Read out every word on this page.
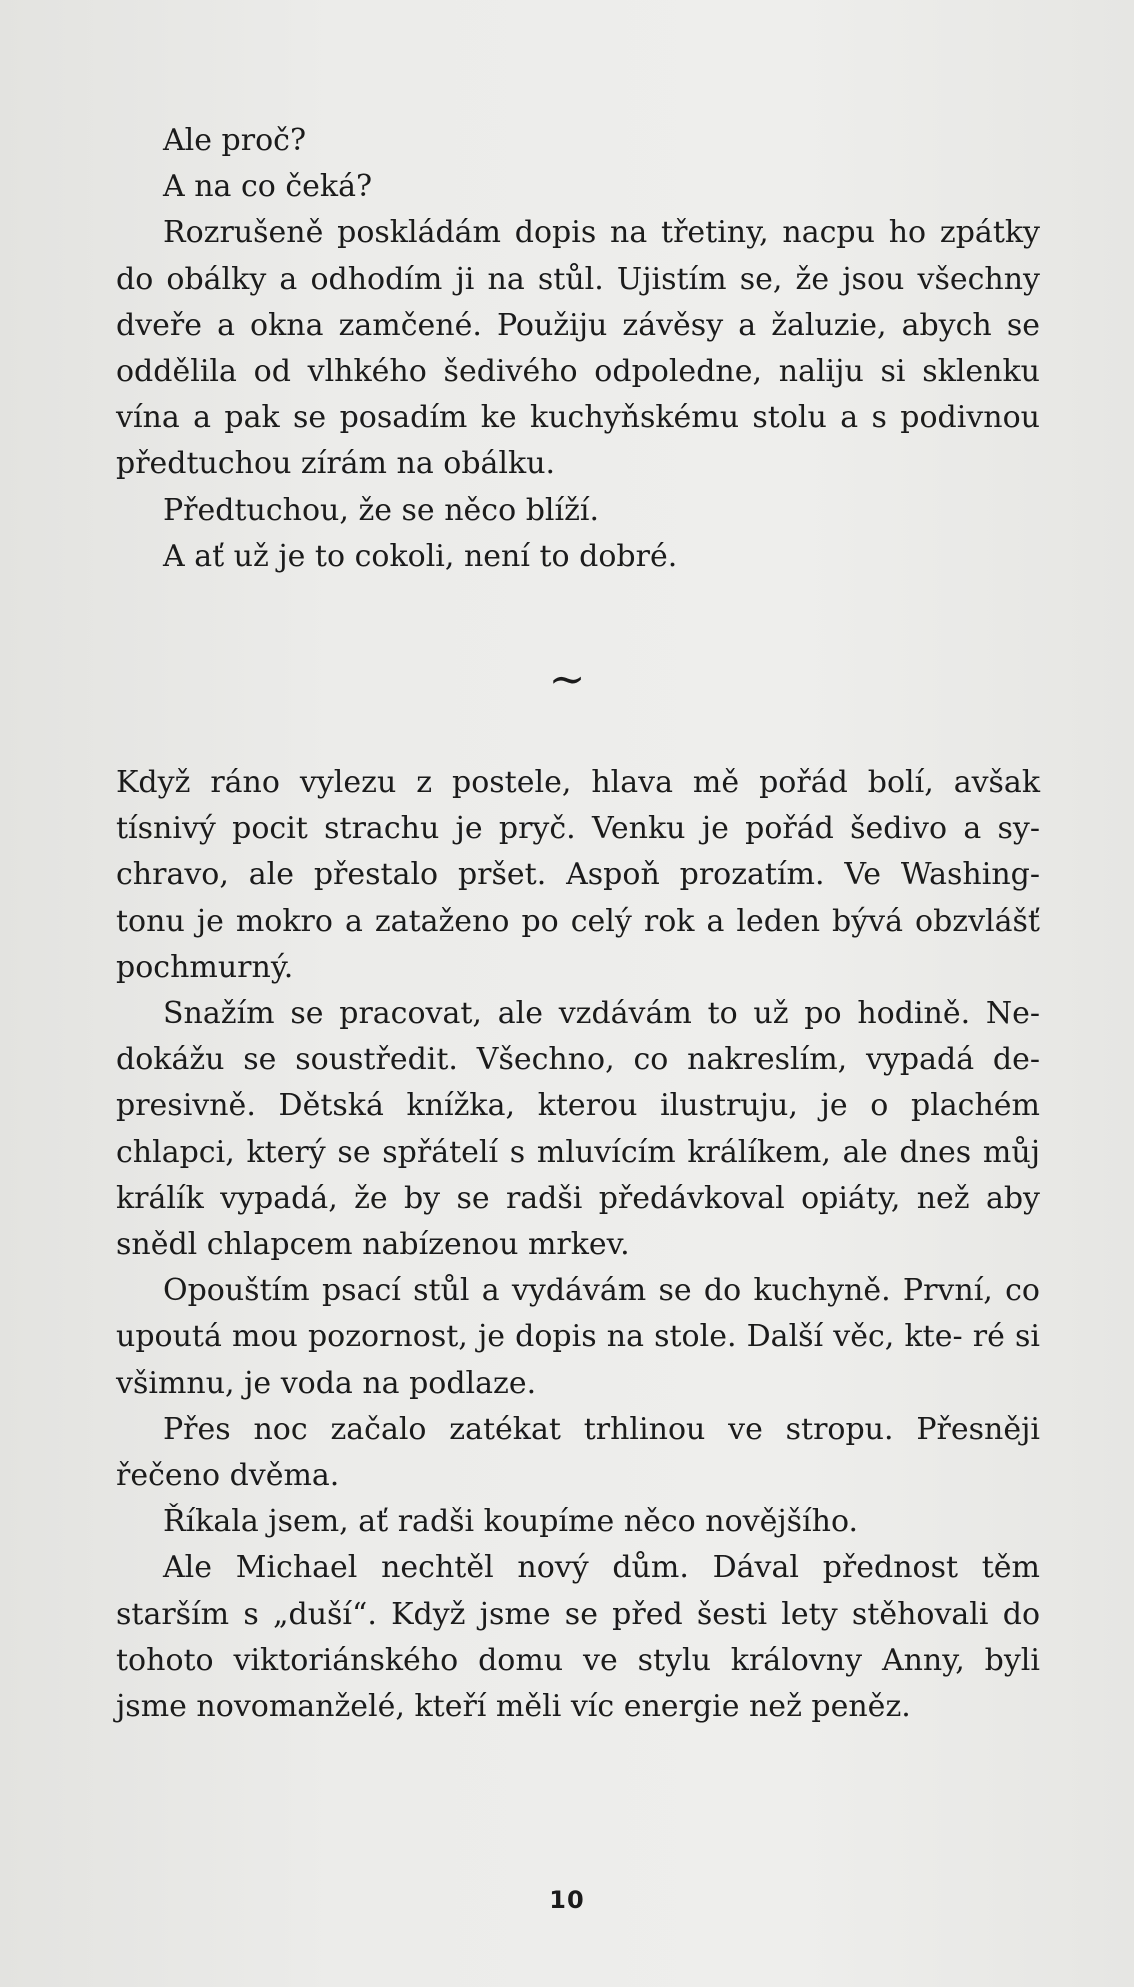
Ale proč?

A na co čeká?

Rozrušeně poskládám dopis na třetiny, nacpu ho zpátky do obálky a odhodím ji na stůl. Ujistím se, že jsou všechny dveře a okna zamčené. Použiju závěsy a žaluzie, abych se oddělila od vlhkého šedivého odpoledne, naliju si sklenku vína a pak se posadím ke kuchyňskému stolu a s podivnou předtuchou zírám na obálku.

Předtuchou, že se něco blíží.

A ať už je to cokoli, není to dobré.

~

Když ráno vylezu z postele, hlava mě pořád bolí, avšak tísnivý pocit strachu je pryč. Venku je pořád šedivo a sy- chravo, ale přestalo pršet. Aspoň prozatím. Ve Washing- tonu je mokro a zataženo po celý rok a leden bývá obzvlášť pochmurný.

Snažím se pracovat, ale vzdávám to už po hodině. Ne- dokážu se soustředit. Všechno, co nakreslím, vypadá de- presivně. Dětská knížka, kterou ilustruju, je o plachém chlapci, který se spřátelí s mluvícím králíkem, ale dnes můj králík vypadá, že by se radši předávkoval opiáty, než aby snědl chlapcem nabízenou mrkev.

Opouštím psací stůl a vydávám se do kuchyně. První, co upoutá mou pozornost, je dopis na stole. Další věc, kte- ré si všimnu, je voda na podlaze.

Přes noc začalo zatékat trhlinou ve stropu. Přesněji řečeno dvěma.

Říkala jsem, ať radši koupíme něco novějšího.

Ale Michael nechtěl nový dům. Dával přednost těm starším s „duší“. Když jsme se před šesti lety stěhovali do tohoto viktoriánského domu ve stylu královny Anny, byli jsme novomanželé, kteří měli víc energie než peněz.

10
